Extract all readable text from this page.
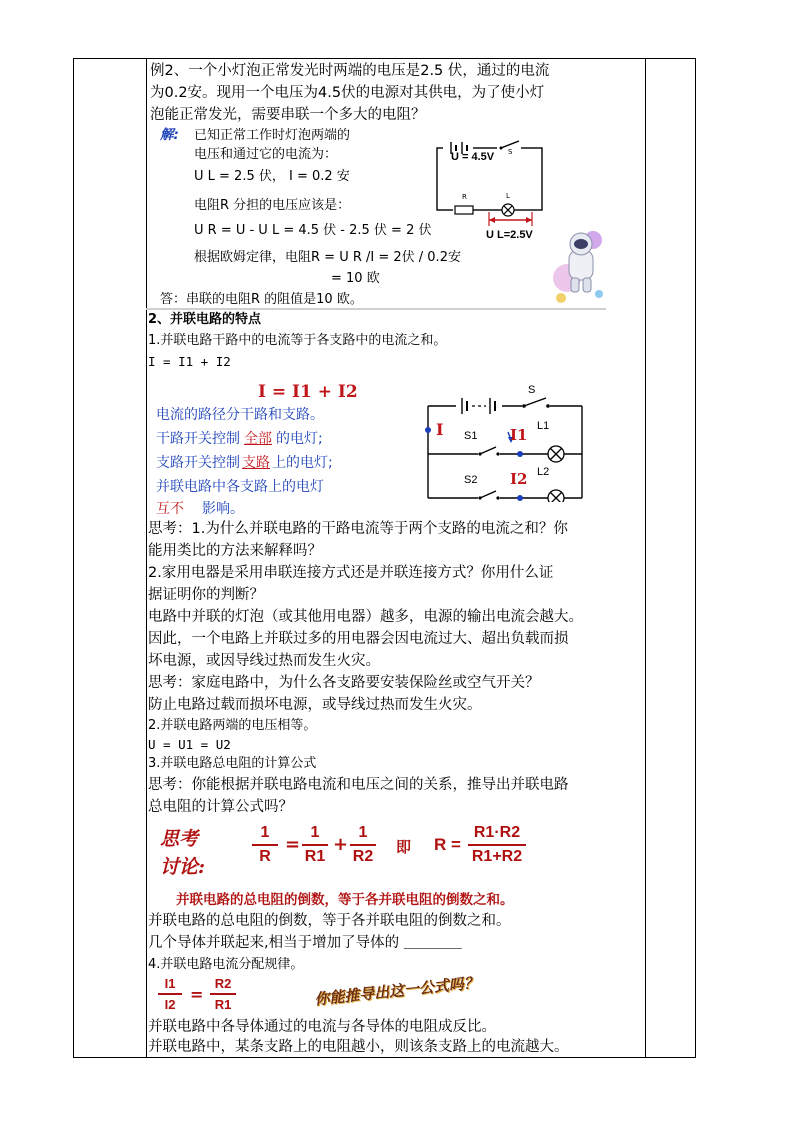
例2、一个小灯泡正常发光时两端的电压是2.5 伏，通过的电流
为0.2安。现用一个电压为4.5伏的电源对其供电，为了使小灯
泡能正常发光，需要串联一个多大的电阻？
解: 已知正常工作时灯泡两端的
电压和通过它的电流为：
U L = 2.5 伏， I = 0.2 安
电阻R 分担的电压应该是：
U R = U - U L = 4.5 伏 - 2.5 伏 = 2 伏
根据欧姆定律，电阻R = U R /I = 2伏 / 0.2安
= 10 欧
答：串联的电阻R 的阻值是10 欧。
U = 4.5V S
R	L
U L=2.5V
2、并联电路的特点
1.并联电路干路中的电流等于各支路中的电流之和。
I = I1 + I2
I = I1 + I2
电流的路径分干路和支路。
干路开关控制 全部 的电灯;
支路开关控制 支路 上的电灯;
并联电路中各支路上的电灯
互不 影响。
S
S1
S2
I	I1
I2
L1
L2
思考：1.为什么并联电路的干路电流等于两个支路的电流之和？你
能用类比的方法来解释吗？
2.家用电器是采用串联连接方式还是并联连接方式？你用什么证
据证明你的判断？
电路中并联的灯泡（或其他用电器）越多，电源的输出电流会越大。
因此，一个电路上并联过多的用电器会因电流过大、超出负载而损
坏电源，或因导线过热而发生火灾。
思考：家庭电路中，为什么各支路要安装保险丝或空气开关？
防止电路过载而损坏电源，或导线过热而发生火灾。
2.并联电路两端的电压相等。
U = U1 = U2
3.并联电路总电阻的计算公式
思考：你能根据并联电路电流和电压之间的关系，推导出并联电路
总电阻的计算公式吗？
思考
讨论:
1
R
=
1
R1
+
1
R2
即 R =
R1·R2
R1+R2
并联电路的总电阻的倒数，等于各并联电阻的倒数之和。
并联电路的总电阻的倒数，等于各并联电阻的倒数之和。
几个导体并联起来,相当于增加了导体的 ＿＿＿＿
4.并联电路电流分配规律。
I1
I2
=
R2
R1	你能推导出这一公式吗？
并联电路中各导体通过的电流与各导体的电阻成反比。
并联电路中，某条支路上的电阻越小，则该条支路上的电流越大。
